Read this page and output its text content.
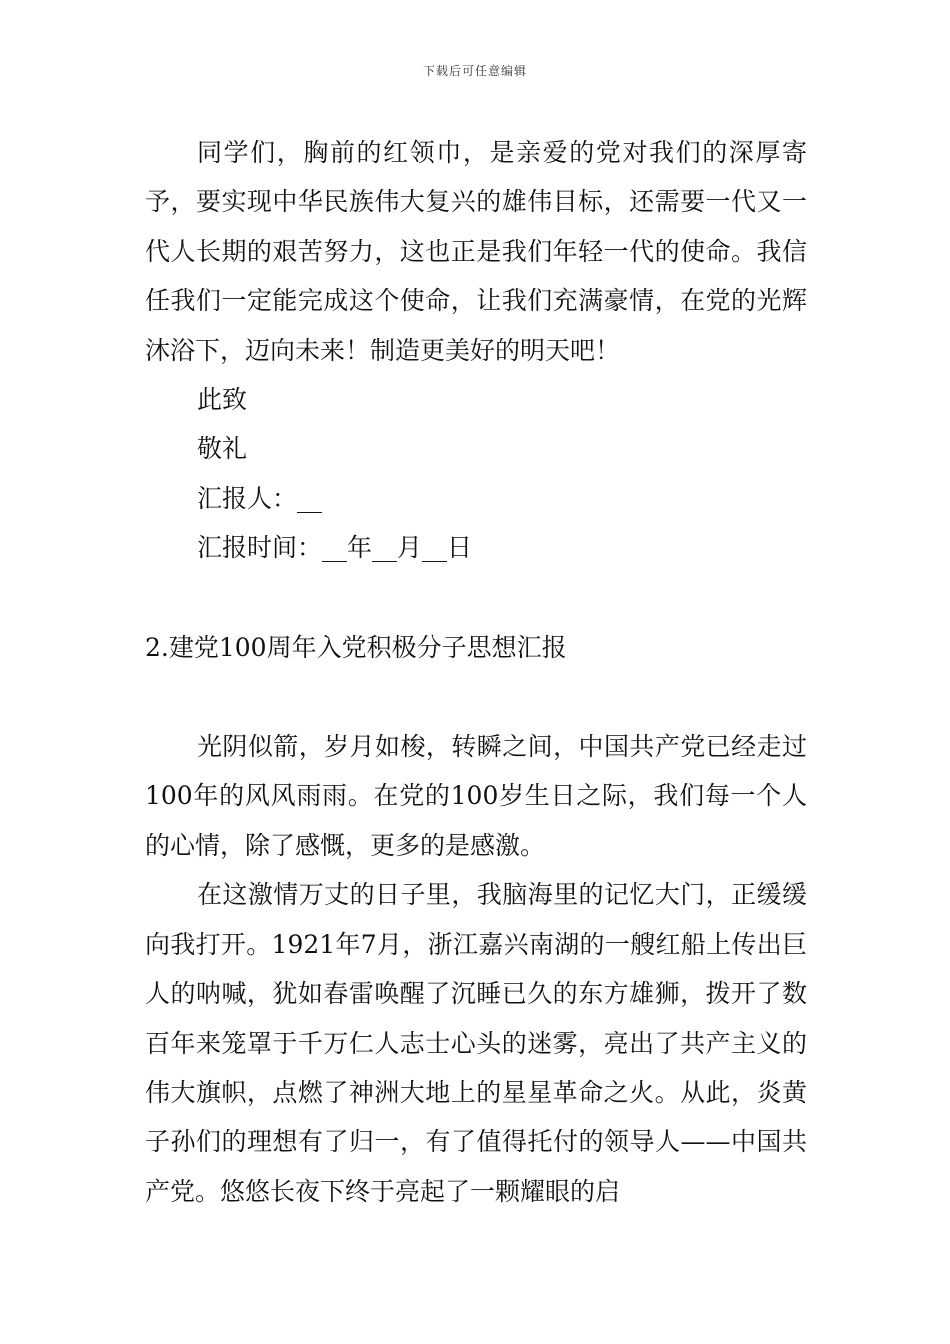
下载后可任意编辑

同学们，胸前的红领巾，是亲爱的党对我们的深厚寄予，要实现中华民族伟大复兴的雄伟目标，还需要一代又一代人长期的艰苦努力，这也正是我们年轻一代的使命。我信任我们一定能完成这个使命，让我们充满豪情，在党的光辉沐浴下，迈向未来！制造更美好的明天吧！

此致

敬礼

汇报人：__

汇报时间：__年__月__日

2.建党100周年入党积极分子思想汇报

光阴似箭，岁月如梭，转瞬之间，中国共产党已经走过100年的风风雨雨。在党的100岁生日之际，我们每一个人的心情，除了感慨，更多的是感激。

在这激情万丈的日子里，我脑海里的记忆大门，正缓缓向我打开。1921年7月，浙江嘉兴南湖的一艘红船上传出巨人的呐喊，犹如春雷唤醒了沉睡已久的东方雄狮，拨开了数百年来笼罩于千万仁人志士心头的迷雾，亮出了共产主义的伟大旗帜，点燃了神洲大地上的星星革命之火。从此，炎黄子孙们的理想有了归一，有了值得托付的领导人——中国共产党。悠悠长夜下终于亮起了一颗耀眼的启
